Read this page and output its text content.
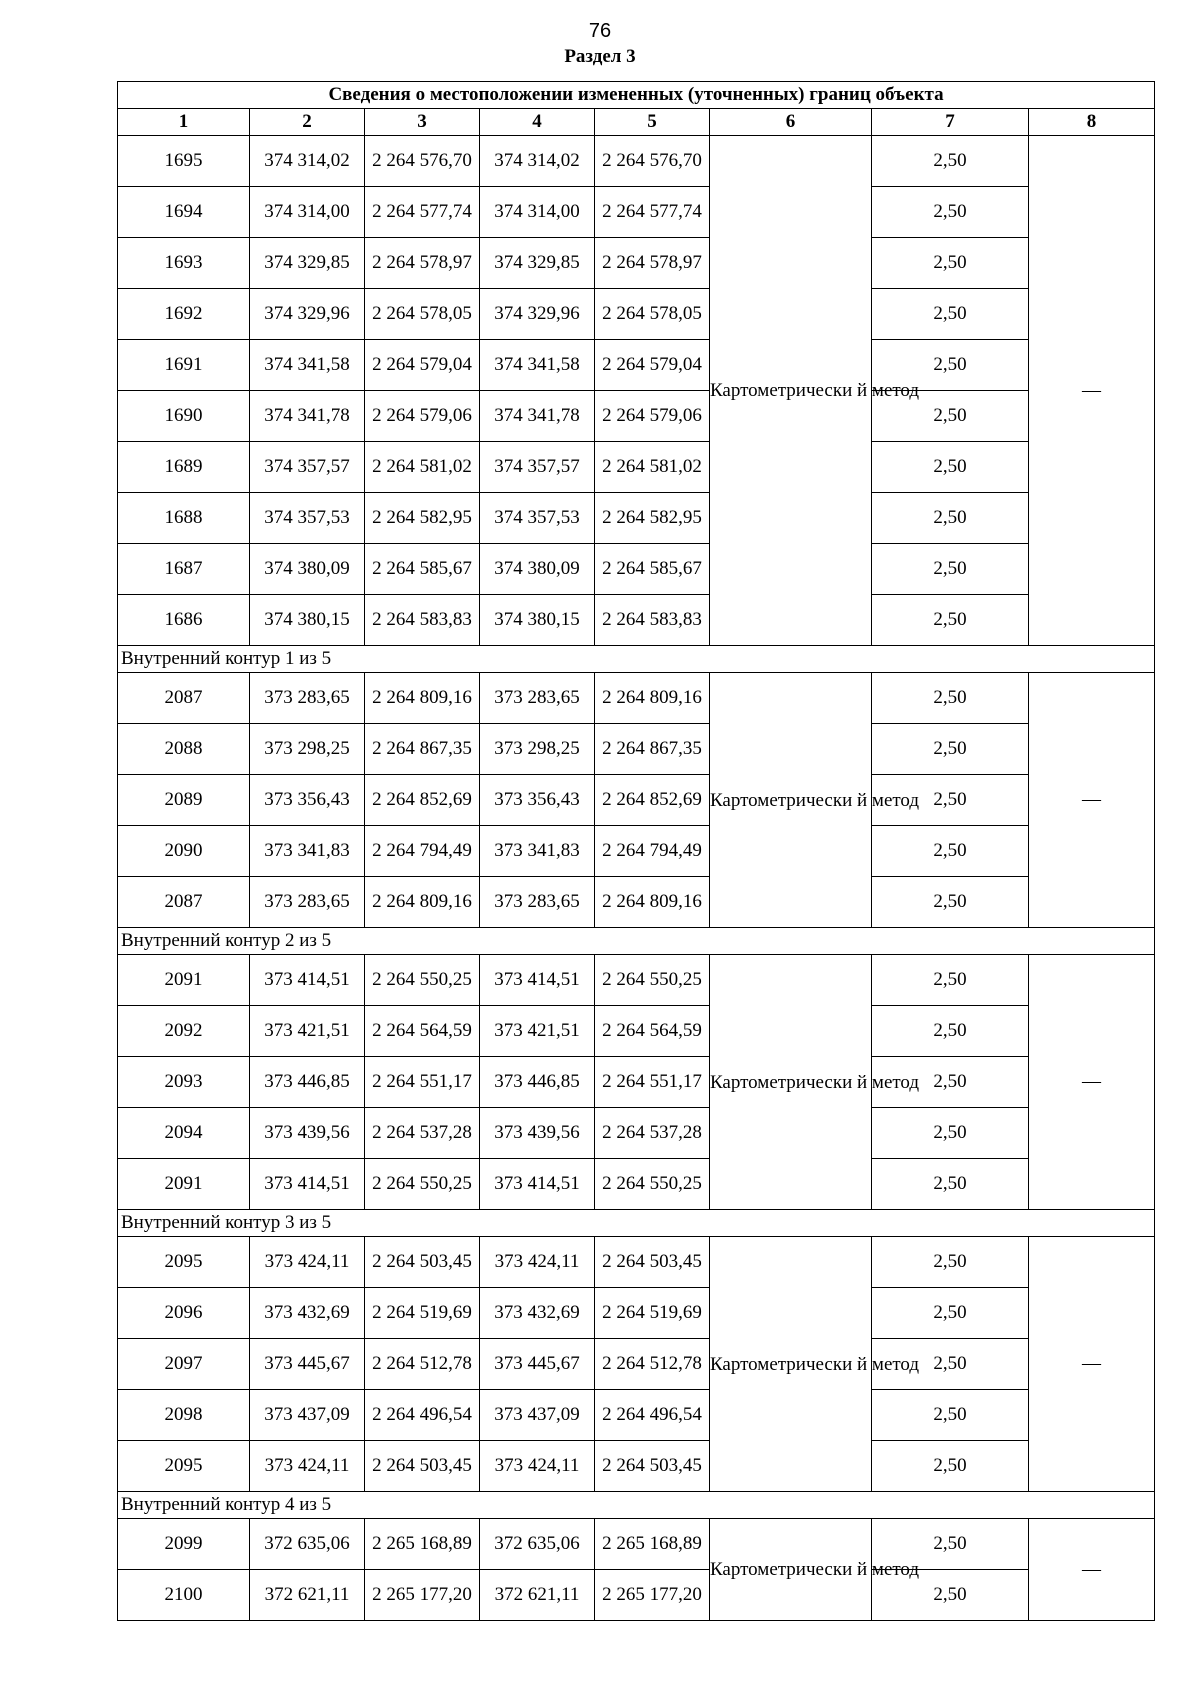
76
Раздел 3
Сведения о местоположении измененных (уточненных) границ объекта							
1	2	3	4	5	6	7	8
1695	374 314,02	2 264 576,70	374 314,02	2 264 576,70	Картометрически й метод	2,50	—
1694	374 314,00	2 264 577,74	374 314,00	2 264 577,74		2,50	
1693	374 329,85	2 264 578,97	374 329,85	2 264 578,97		2,50	
1692	374 329,96	2 264 578,05	374 329,96	2 264 578,05		2,50	
1691	374 341,58	2 264 579,04	374 341,58	2 264 579,04		2,50	
1690	374 341,78	2 264 579,06	374 341,78	2 264 579,06		2,50	
1689	374 357,57	2 264 581,02	374 357,57	2 264 581,02		2,50	
1688	374 357,53	2 264 582,95	374 357,53	2 264 582,95		2,50	
1687	374 380,09	2 264 585,67	374 380,09	2 264 585,67		2,50	
1686	374 380,15	2 264 583,83	374 380,15	2 264 583,83		2,50	
Внутренний контур 1 из 5							
2087	373 283,65	2 264 809,16	373 283,65	2 264 809,16	Картометрически й метод	2,50	—
2088	373 298,25	2 264 867,35	373 298,25	2 264 867,35		2,50	
2089	373 356,43	2 264 852,69	373 356,43	2 264 852,69		2,50	
2090	373 341,83	2 264 794,49	373 341,83	2 264 794,49		2,50	
2087	373 283,65	2 264 809,16	373 283,65	2 264 809,16		2,50	
Внутренний контур 2 из 5							
2091	373 414,51	2 264 550,25	373 414,51	2 264 550,25	Картометрически й метод	2,50	—
2092	373 421,51	2 264 564,59	373 421,51	2 264 564,59		2,50	
2093	373 446,85	2 264 551,17	373 446,85	2 264 551,17		2,50	
2094	373 439,56	2 264 537,28	373 439,56	2 264 537,28		2,50	
2091	373 414,51	2 264 550,25	373 414,51	2 264 550,25		2,50	
Внутренний контур 3 из 5							
2095	373 424,11	2 264 503,45	373 424,11	2 264 503,45	Картометрически й метод	2,50	—
2096	373 432,69	2 264 519,69	373 432,69	2 264 519,69		2,50	
2097	373 445,67	2 264 512,78	373 445,67	2 264 512,78		2,50	
2098	373 437,09	2 264 496,54	373 437,09	2 264 496,54		2,50	
2095	373 424,11	2 264 503,45	373 424,11	2 264 503,45		2,50	
Внутренний контур 4 из 5							
2099	372 635,06	2 265 168,89	372 635,06	2 265 168,89	Картометрически й метод	2,50	—
2100	372 621,11	2 265 177,20	372 621,11	2 265 177,20		2,50	
